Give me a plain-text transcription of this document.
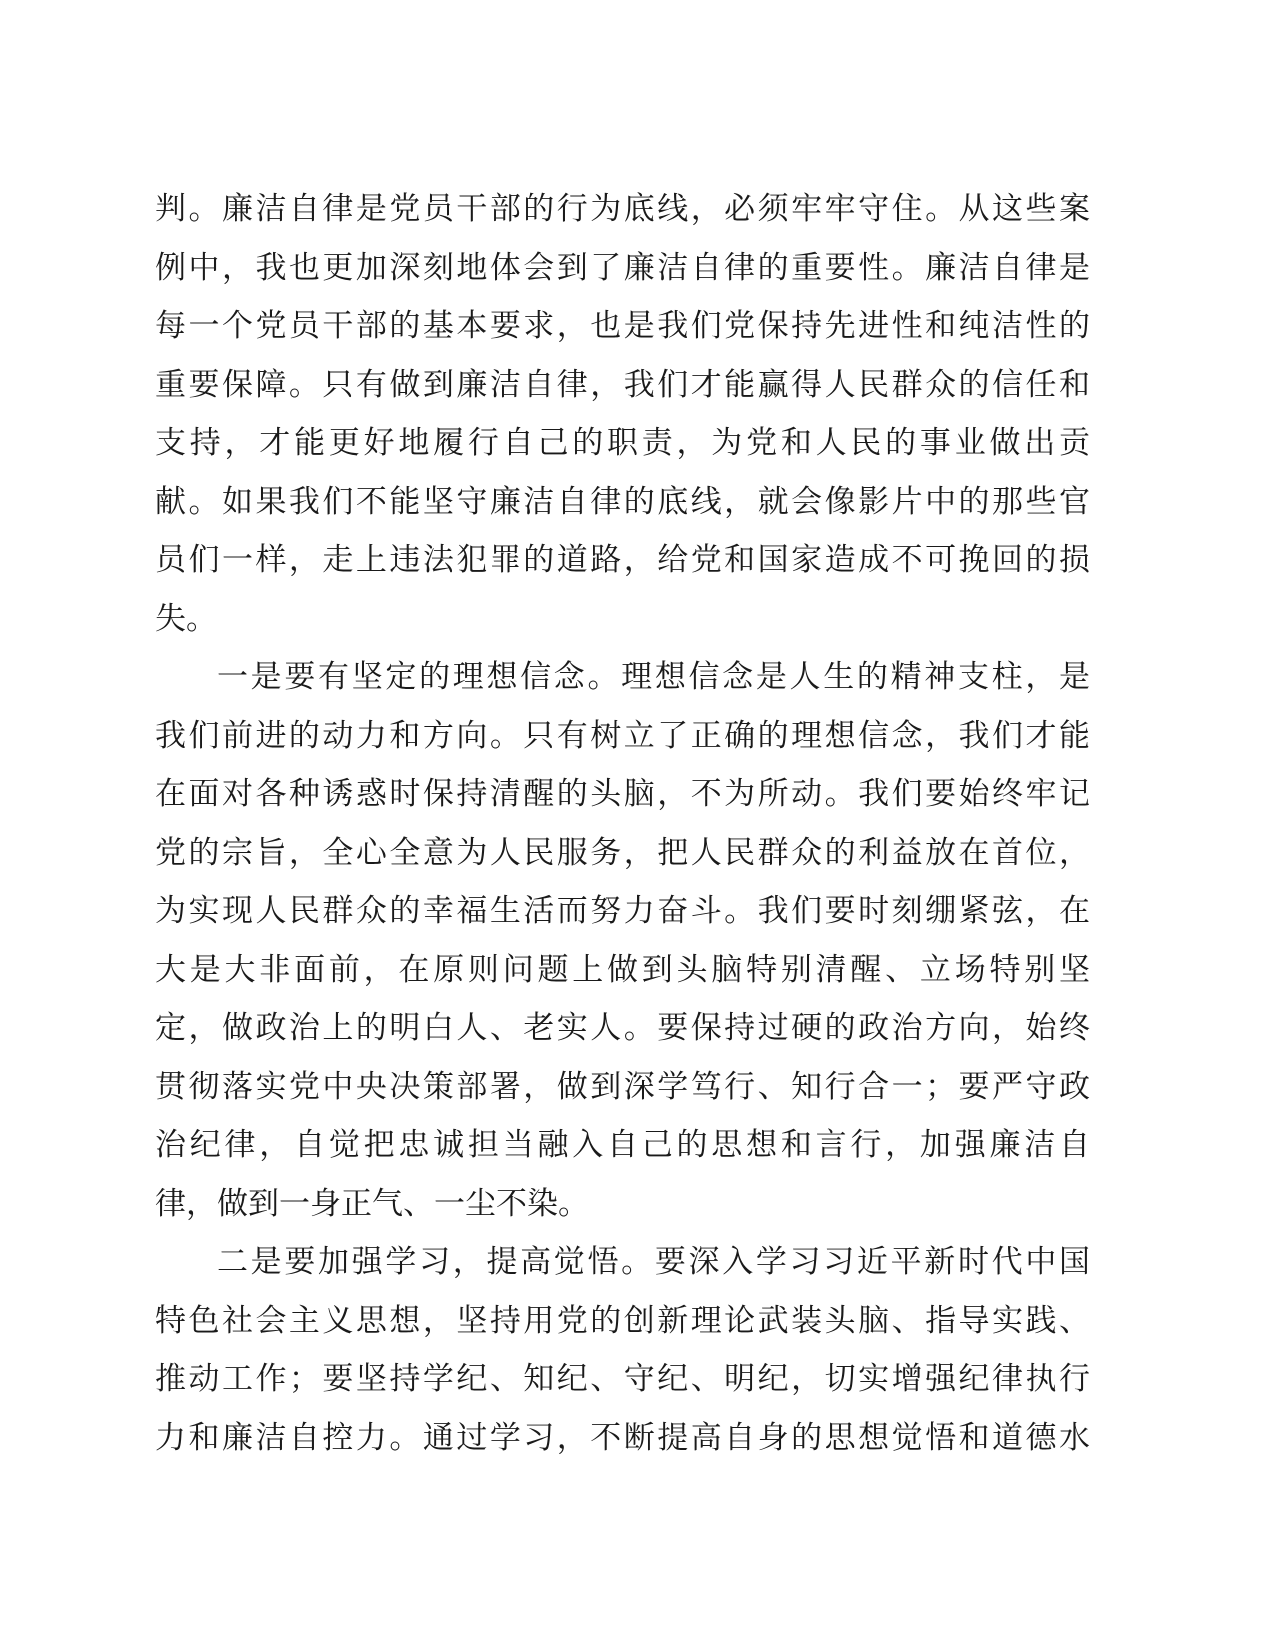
判。廉洁自律是党员干部的行为底线，必须牢牢守住。从这些案
例中，我也更加深刻地体会到了廉洁自律的重要性。廉洁自律是
每一个党员干部的基本要求，也是我们党保持先进性和纯洁性的
重要保障。只有做到廉洁自律，我们才能赢得人民群众的信任和
支持，才能更好地履行自己的职责，为党和人民的事业做出贡
献。如果我们不能坚守廉洁自律的底线，就会像影片中的那些官
员们一样，走上违法犯罪的道路，给党和国家造成不可挽回的损
失。
一是要有坚定的理想信念。理想信念是人生的精神支柱，是
我们前进的动力和方向。只有树立了正确的理想信念，我们才能
在面对各种诱惑时保持清醒的头脑，不为所动。我们要始终牢记
党的宗旨，全心全意为人民服务，把人民群众的利益放在首位，
为实现人民群众的幸福生活而努力奋斗。我们要时刻绷紧弦，在
大是大非面前，在原则问题上做到头脑特别清醒、立场特别坚
定，做政治上的明白人、老实人。要保持过硬的政治方向，始终
贯彻落实党中央决策部署，做到深学笃行、知行合一；要严守政
治纪律，自觉把忠诚担当融入自己的思想和言行，加强廉洁自
律，做到一身正气、一尘不染。
二是要加强学习，提高觉悟。要深入学习习近平新时代中国
特色社会主义思想，坚持用党的创新理论武装头脑、指导实践、
推动工作；要坚持学纪、知纪、守纪、明纪，切实增强纪律执行
力和廉洁自控力。通过学习，不断提高自身的思想觉悟和道德水
